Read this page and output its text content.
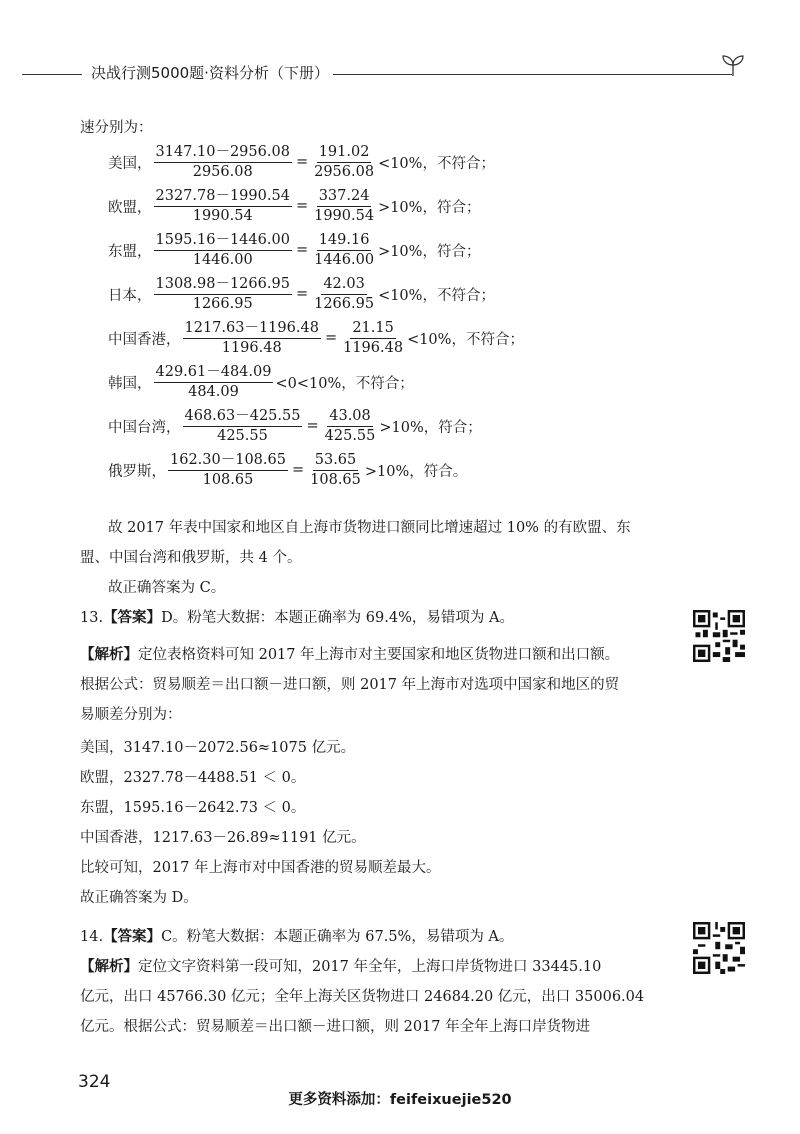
决战行测5000题·资料分析（下册）
速分别为：
美国， $\frac{3147.10-2956.08}{2956.08} = \frac{191.02}{2956.08} <10\%$，不符合；
欧盟， $\frac{2327.78-1990.54}{1990.54} = \frac{337.24}{1990.54} >10\%$，符合；
东盟， $\frac{1595.16-1446.00}{1446.00} = \frac{149.16}{1446.00} >10\%$，符合；
日本， $\frac{1308.98-1266.95}{1266.95} = \frac{42.03}{1266.95} <10\%$，不符合；
中国香港， $\frac{1217.63-1196.48}{1196.48} = \frac{21.15}{1196.48} <10\%$，不符合；
韩国， $\frac{429.61-484.09}{484.09} <0<10\%$，不符合；
中国台湾， $\frac{468.63-425.55}{425.55} = \frac{43.08}{425.55} >10\%$，符合；
俄罗斯， $\frac{162.30-108.65}{108.65} = \frac{53.65}{108.65} >10\%$，符合。
故 2017 年表中国家和地区自上海市货物进口额同比增速超过 10% 的有欧盟、东
盟、中国台湾和俄罗斯，共 4 个。
故正确答案为 C。
13.【答案】D。粉笔大数据：本题正确率为 69.4%，易错项为 A。
【解析】定位表格资料可知 2017 年上海市对主要国家和地区货物进口额和出口额。
根据公式：贸易顺差＝出口额－进口额，则 2017 年上海市对选项中国家和地区的贸
易顺差分别为：
美国，3147.10－2072.56≈1075 亿元。
欧盟，2327.78－4488.51 ＜ 0。
东盟，1595.16－2642.73 ＜ 0。
中国香港，1217.63－26.89≈1191 亿元。
比较可知，2017 年上海市对中国香港的贸易顺差最大。
故正确答案为 D。
14.【答案】C。粉笔大数据：本题正确率为 67.5%，易错项为 A。
【解析】定位文字资料第一段可知，2017 年全年，上海口岸货物进口 33445.10
亿元，出口 45766.30 亿元；全年上海关区货物进口 24684.20 亿元，出口 35006.04
亿元。根据公式：贸易顺差＝出口额－进口额，则 2017 年全年上海口岸货物进
324
更多资料添加：feifeixuejie520
